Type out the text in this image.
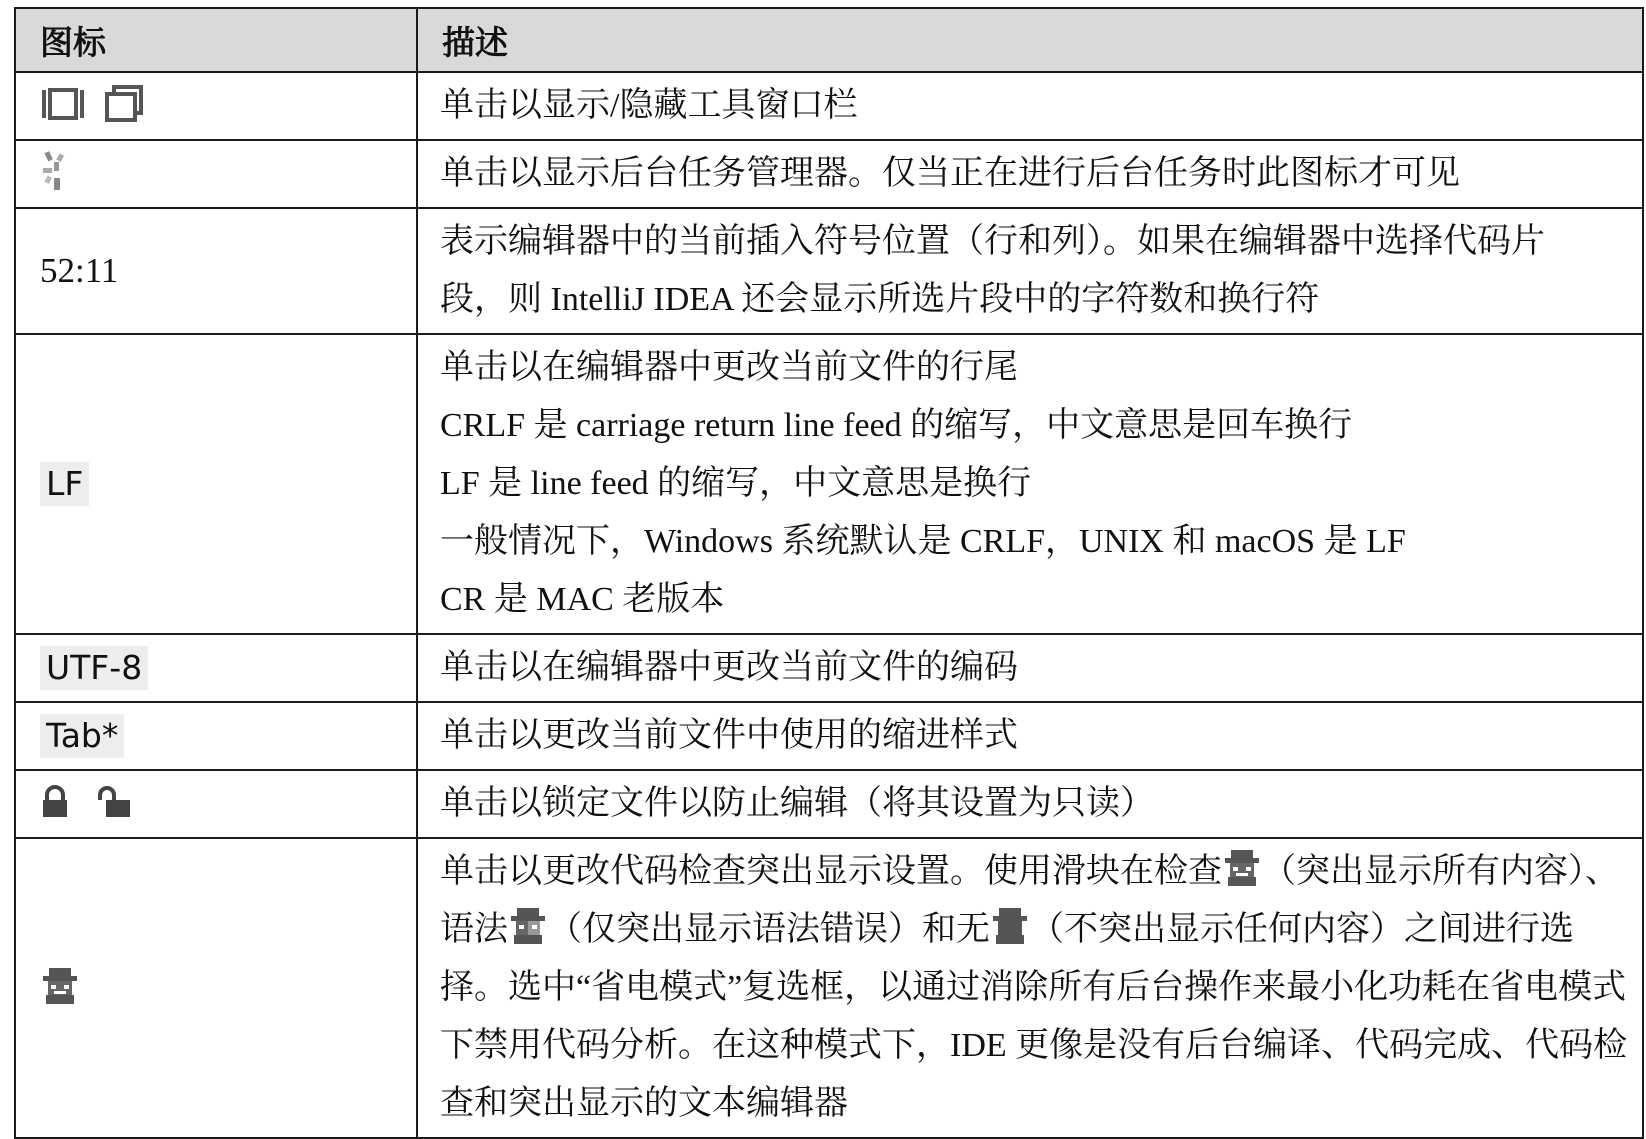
图标	描述
	单击以显示/隐藏工具窗口栏
	单击以显示后台任务管理器。仅当正在进行后台任务时此图标才可见
52:11	表示编辑器中的当前插入符号位置（行和列）。如果在编辑器中选择代码片
段，则 IntelliJ IDEA 还会显示所选片段中的字符数和换行符

LF	单击以在编辑器中更改当前文件的行尾
CRLF 是 carriage return line feed 的缩写，中文意思是回车换行
LF 是 line feed 的缩写，中文意思是换行
一般情况下，Windows 系统默认是 CRLF，UNIX 和 macOS 是 LF
CR 是 MAC 老版本

UTF-8	单击以在编辑器中更改当前文件的编码
Tab*	单击以更改当前文件中使用的缩进样式
	单击以锁定文件以防止编辑（将其设置为只读）
	单击以更改代码检查突出显示设置。使用滑块在检查 （突出显示所有内容）、语法 （仅突出显示语法错误）和无 （不突出显示任何内容）之间进行选择。选中“省电模式”复选框，以通过消除所有后台操作来最小化功耗在省电模式下禁用代码分析。在这种模式下，IDE 更像是没有后台编译、代码完成、代码检查和突出显示的文本编辑器
